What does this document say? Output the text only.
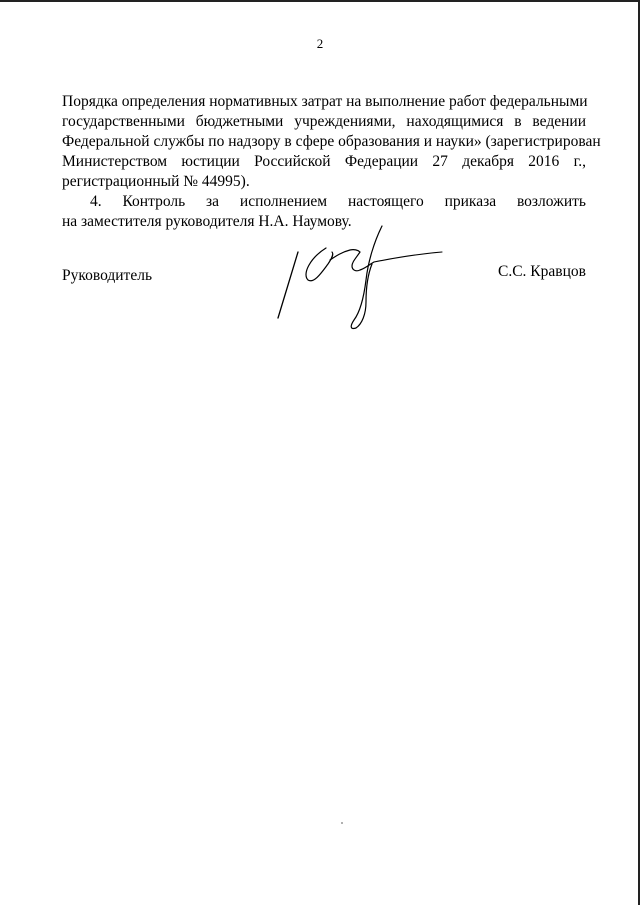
2
Порядка определения нормативных затрат на выполнение работ федеральными
государственными бюджетными учреждениями, находящимися в ведении
Федеральной службы по надзору в сфере образования и науки» (зарегистрирован
Министерством юстиции Российской Федерации 27 декабря 2016 г.,
регистрационный № 44995).
4. Контроль за исполнением настоящего приказа возложить
на заместителя руководителя Н.А. Наумову.
Руководитель	С.С. Кравцов
